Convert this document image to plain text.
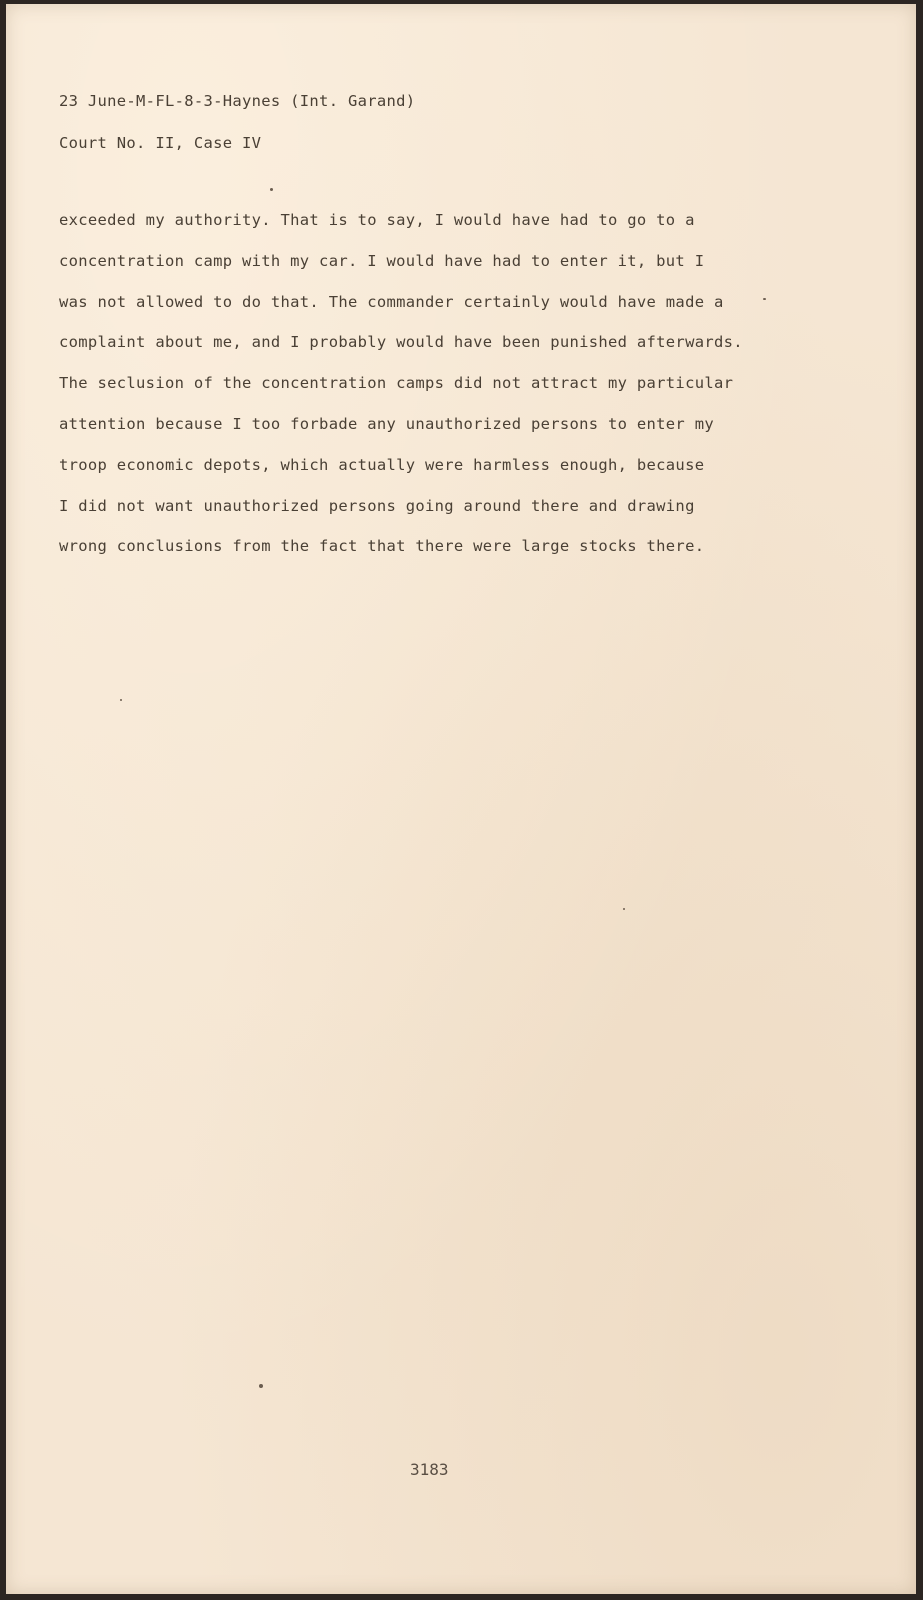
23 June-M-FL-8-3-Haynes (Int. Garand)
Court No. II, Case IV
exceeded my authority. That is to say, I would have had to go to a
concentration camp with my car. I would have had to enter it, but I
was not allowed to do that. The commander certainly would have made a
complaint about me, and I probably would have been punished afterwards.
The seclusion of the concentration camps did not attract my particular
attention because I too forbade any unauthorized persons to enter my
troop economic depots, which actually were harmless enough, because
I did not want unauthorized persons going around there and drawing
wrong conclusions from the fact that there were large stocks there.
3183
